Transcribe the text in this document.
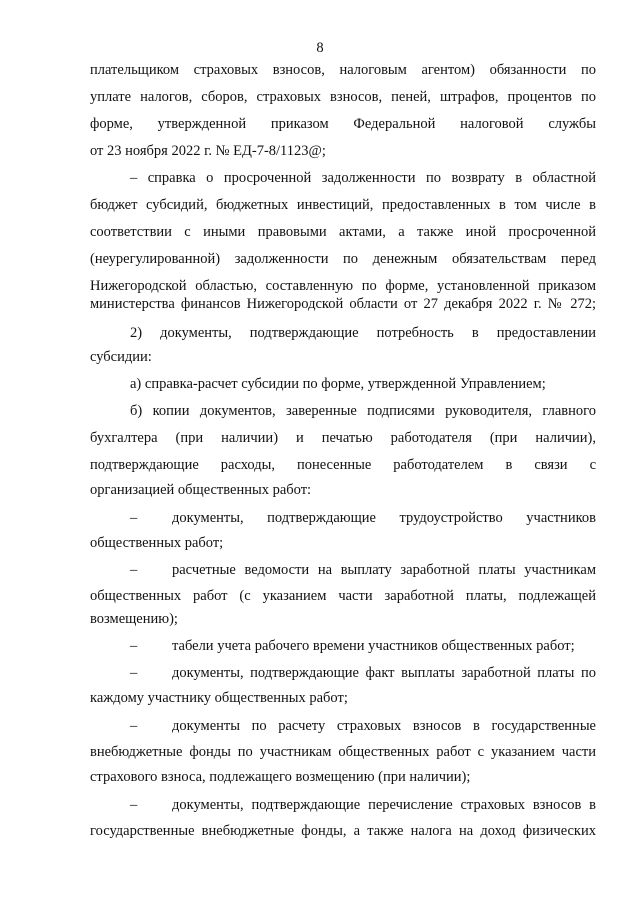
8
плательщиком страховых взносов, налоговым агентом) обязанности по
уплате налогов, сборов, страховых взносов, пеней, штрафов, процентов по
форме, утвержденной приказом Федеральной налоговой службы
от 23 ноября 2022 г. № ЕД-7-8/1123@;
– справка о просроченной задолженности по возврату в областной
бюджет субсидий, бюджетных инвестиций, предоставленных в том числе в
соответствии с иными правовыми актами, а также иной просроченной
(неурегулированной) задолженности по денежным обязательствам перед
Нижегородской областью, составленную по форме, установленной приказом
министерства финансов Нижегородской области от 27 декабря 2022 г. № 272;
2) документы, подтверждающие потребность в предоставлении
субсидии:
а) справка-расчет субсидии по форме, утвержденной Управлением;
б) копии документов, заверенные подписями руководителя, главного
бухгалтера (при наличии) и печатью работодателя (при наличии),
подтверждающие расходы, понесенные работодателем в связи с
организацией общественных работ:
– документы, подтверждающие трудоустройство участников
общественных работ;
– расчетные ведомости на выплату заработной платы участникам
общественных работ (с указанием части заработной платы, подлежащей
возмещению);
– табели учета рабочего времени участников общественных работ;
– документы, подтверждающие факт выплаты заработной платы по
каждому участнику общественных работ;
– документы по расчету страховых взносов в государственные
внебюджетные фонды по участникам общественных работ с указанием части
страхового взноса, подлежащего возмещению (при наличии);
– документы, подтверждающие перечисление страховых взносов в
государственные внебюджетные фонды, а также налога на доход физических
